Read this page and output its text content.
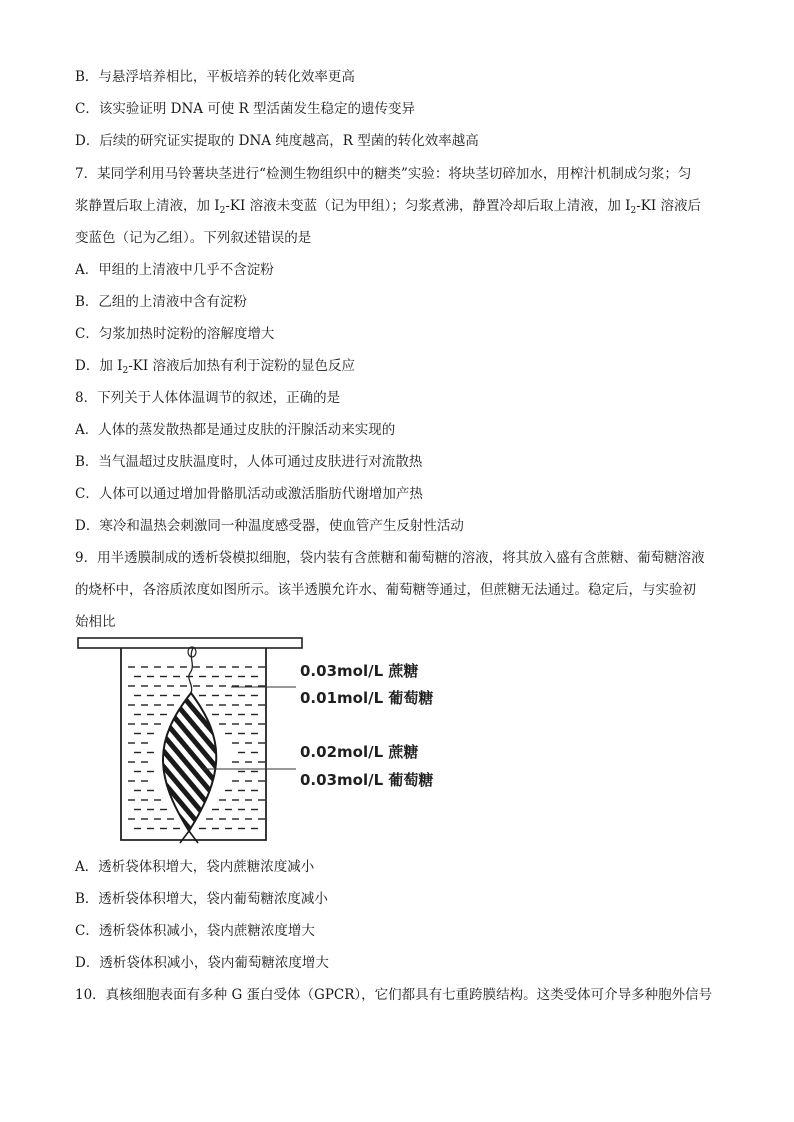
B．与悬浮培养相比，平板培养的转化效率更高
C．该实验证明 DNA 可使 R 型活菌发生稳定的遗传变异
D．后续的研究证实提取的 DNA 纯度越高，R 型菌的转化效率越高
7．某同学利用马铃薯块茎进行“检测生物组织中的糖类”实验：将块茎切碎加水，用榨汁机制成匀浆；匀
浆静置后取上清液，加 $I_2-KI$ 溶液未变蓝（记为甲组）；匀浆煮沸，静置冷却后取上清液，加 $I_2-KI$ 溶液后
变蓝色（记为乙组）。下列叙述错误的是
A．甲组的上清液中几乎不含淀粉
B．乙组的上清液中含有淀粉
C．匀浆加热时淀粉的溶解度增大
D．加 $I_2-KI$ 溶液后加热有利于淀粉的显色反应
8．下列关于人体体温调节的叙述，正确的是
A．人体的蒸发散热都是通过皮肤的汗腺活动来实现的
B．当气温超过皮肤温度时，人体可通过皮肤进行对流散热
C．人体可以通过增加骨骼肌活动或激活脂肪代谢增加产热
D．寒冷和温热会刺激同一种温度感受器，使血管产生反射性活动
9．用半透膜制成的透析袋模拟细胞，袋内装有含蔗糖和葡萄糖的溶液，将其放入盛有含蔗糖、葡萄糖溶液
的烧杯中，各溶质浓度如图所示。该半透膜允许水、葡萄糖等通过，但蔗糖无法通过。稳定后，与实验初
始相比
0.03mol/L 蔗糖
0.01mol/L 葡萄糖
0.02mol/L 蔗糖
0.03mol/L 葡萄糖
A．透析袋体积增大，袋内蔗糖浓度减小
B．透析袋体积增大，袋内葡萄糖浓度减小
C．透析袋体积减小，袋内蔗糖浓度增大
D．透析袋体积减小，袋内葡萄糖浓度增大
10．真核细胞表面有多种 G 蛋白受体（GPCR），它们都具有七重跨膜结构。这类受体可介导多种胞外信号
